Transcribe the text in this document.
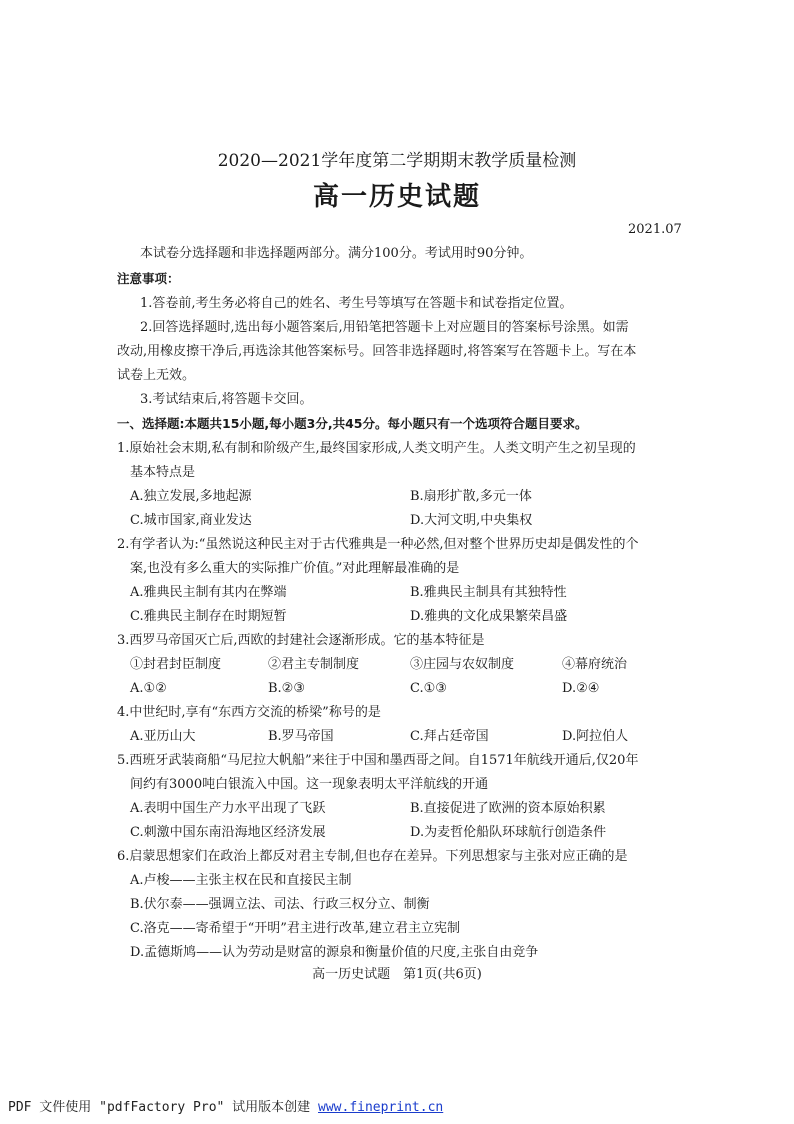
2020—2021学年度第二学期期末教学质量检测
高一历史试题
2021.07
本试卷分选择题和非选择题两部分。满分100分。考试用时90分钟。
注意事项：
1.答卷前,考生务必将自己的姓名、考生号等填写在答题卡和试卷指定位置。
2.回答选择题时,选出每小题答案后,用铅笔把答题卡上对应题目的答案标号涂黑。如需
改动,用橡皮擦干净后,再选涂其他答案标号。回答非选择题时,将答案写在答题卡上。写在本
试卷上无效。
3.考试结束后,将答题卡交回。
一、选择题:本题共15小题,每小题3分,共45分。每小题只有一个选项符合题目要求。
1.原始社会末期,私有制和阶级产生,最终国家形成,人类文明产生。人类文明产生之初呈现的
基本特点是
A.独立发展,多地起源	B.扇形扩散,多元一体
C.城市国家,商业发达	D.大河文明,中央集权
2.有学者认为:“虽然说这种民主对于古代雅典是一种必然,但对整个世界历史却是偶发性的个
案,也没有多么重大的实际推广价值。”对此理解最准确的是
A.雅典民主制有其内在弊端	B.雅典民主制具有其独特性
C.雅典民主制存在时期短暂	D.雅典的文化成果繁荣昌盛
3.西罗马帝国灭亡后,西欧的封建社会逐渐形成。它的基本特征是
①封君封臣制度	②君主专制制度	③庄园与农奴制度	④幕府统治
A.①②	B.②③	C.①③	D.②④
4.中世纪时,享有“东西方交流的桥梁”称号的是
A.亚历山大	B.罗马帝国	C.拜占廷帝国	D.阿拉伯人
5.西班牙武装商船“马尼拉大帆船”来往于中国和墨西哥之间。自1571年航线开通后,仅20年
间约有3000吨白银流入中国。这一现象表明太平洋航线的开通
A.表明中国生产力水平出现了飞跃	B.直接促进了欧洲的资本原始积累
C.刺激中国东南沿海地区经济发展	D.为麦哲伦船队环球航行创造条件
6.启蒙思想家们在政治上都反对君主专制,但也存在差异。下列思想家与主张对应正确的是
A.卢梭——主张主权在民和直接民主制
B.伏尔泰——强调立法、司法、行政三权分立、制衡
C.洛克——寄希望于“开明”君主进行改革,建立君主立宪制
D.孟德斯鸠——认为劳动是财富的源泉和衡量价值的尺度,主张自由竞争
高一历史试题　第1页(共6页)
PDF 文件使用 "pdfFactory Pro" 试用版本创建 www.fineprint.cn
